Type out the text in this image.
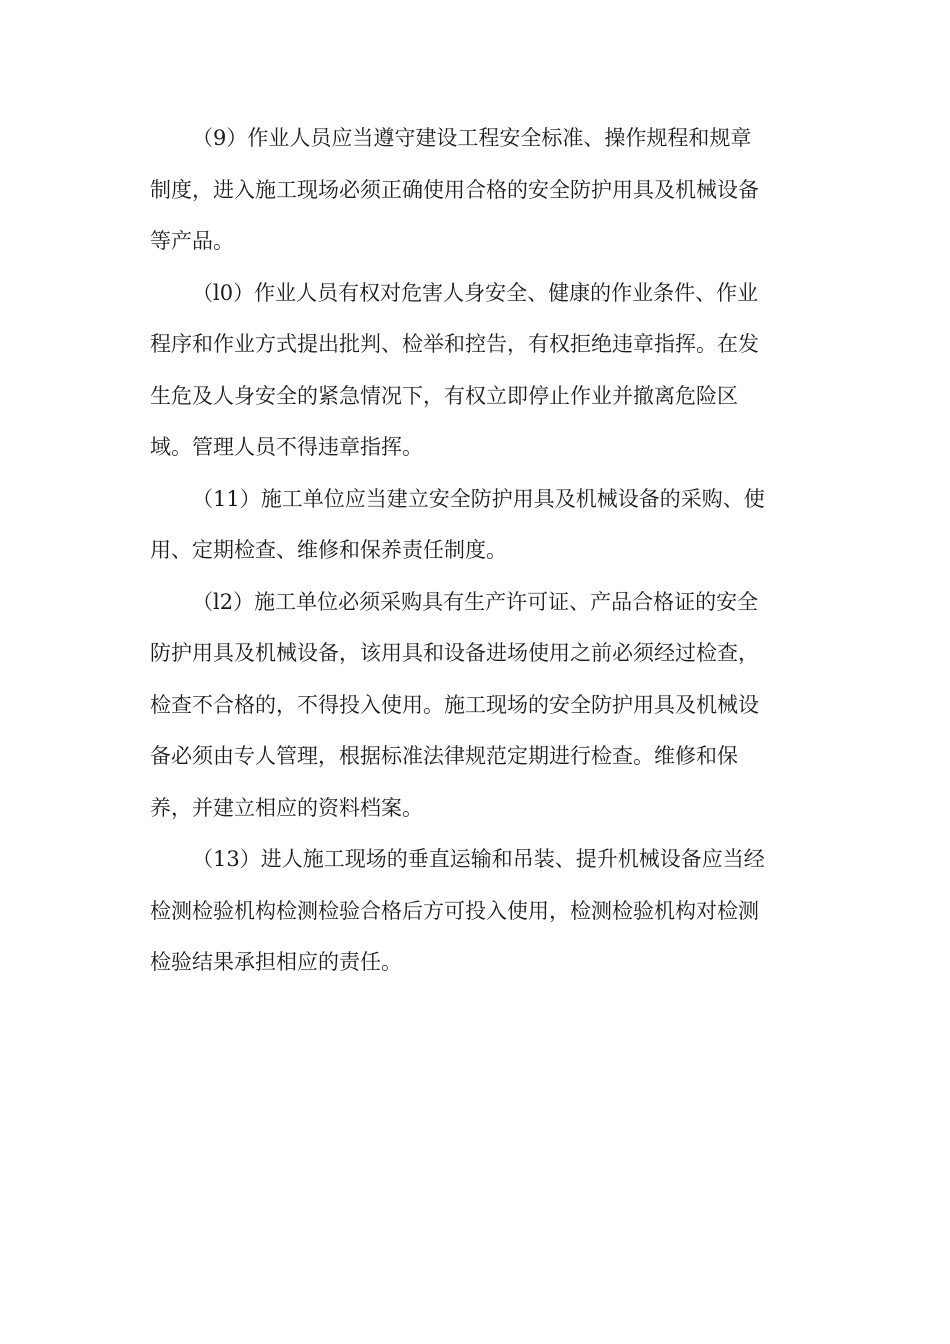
（9）作业人员应当遵守建设工程安全标准、操作规程和规章
制度，进入施工现场必须正确使用合格的安全防护用具及机械设备
等产品。

（l0）作业人员有权对危害人身安全、健康的作业条件、作业
程序和作业方式提出批判、检举和控告，有权拒绝违章指挥。在发
生危及人身安全的紧急情况下，有权立即停止作业并撤离危险区
域。管理人员不得违章指挥。

（11）施工单位应当建立安全防护用具及机械设备的采购、使
用、定期检查、维修和保养责任制度。

（l2）施工单位必须采购具有生产许可证、产品合格证的安全
防护用具及机械设备，该用具和设备进场使用之前必须经过检查，
检查不合格的，不得投入使用。施工现场的安全防护用具及机械设
备必须由专人管理，根据标准法律规范定期进行检查。维修和保
养，并建立相应的资料档案。

（13）进人施工现场的垂直运输和吊装、提升机械设备应当经
检测检验机构检测检验合格后方可投入使用，检测检验机构对检测
检验结果承担相应的责任。
